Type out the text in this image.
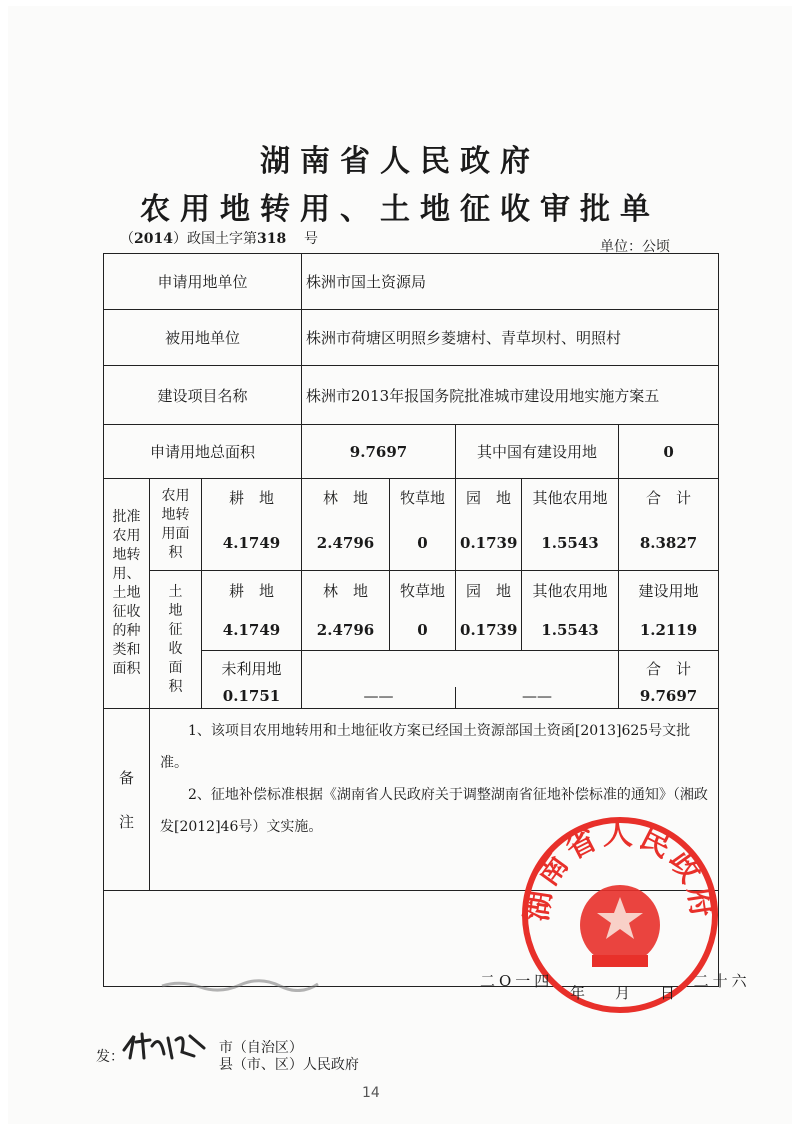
湖南省人民政府
农用地转用、土地征收审批单
（2014）政国土字第318 号	单位：公顷
申请用地单位			株洲市国土资源局				
被用地单位			株洲市荷塘区明照乡菱塘村、青草坝村、明照村				
建设项目名称			株洲市2013年报国务院批准城市建设用地实施方案五				
申请用地总面积			9.7697		其中国有建设用地		0

批准农用地转用、土地征收的种类和面积	农用地转用面积	耕　地	林　地	牧草地	园　地	其他农用地	合　计
		4.1749	2.4796	0	0.1739	1.5543	8.3827

	土地征收面积	耕　地	林　地	牧草地	园　地	其他农用地	建设用地
		4.1749	2.4796	0	0.1739	1.5543	1.2119
		未利用地					合　计
		0.1751	——		——		9.7697

备　注	1、该项目农用地转用和土地征收方案已经国土资源部国土资函[2013]625号文批准。
2、征地补偿标准根据《湖南省人民政府关于调整湖南省征地补偿标准的通知》（湘政发[2012]46号）文实施。						

湖南省人民政府
二O一四	二十六
年月日
发：  市（自治区）
县（市、区）人民政府
14
